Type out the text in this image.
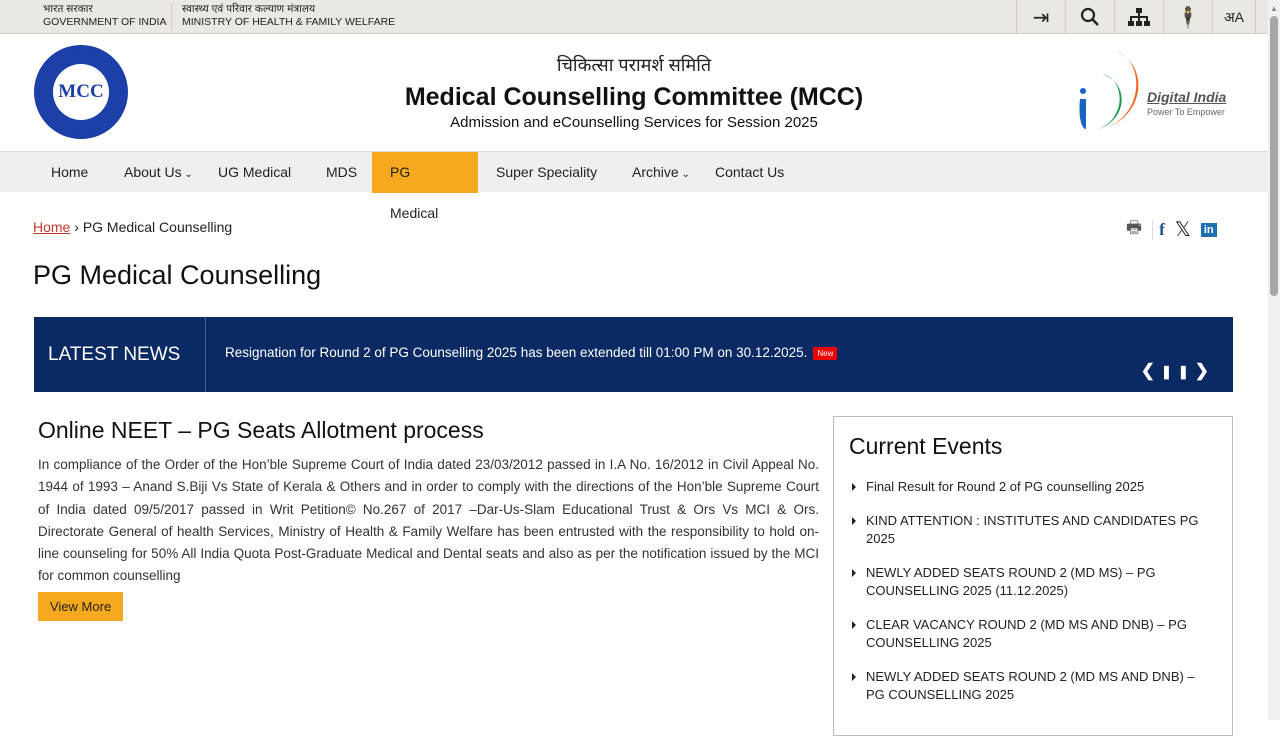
भारत सरकार
GOVERNMENT OF INDIA
स्वास्थ्य एवं परिवार कल्याण मंत्रालय
MINISTRY OF HEALTH & FAMILY WELFARE	⇥	🕴	अA	▲
MCC
चिकित्सा परामर्श समिति
Medical Counselling Committee (MCC)
Admission and eCounselling Services for Session 2025
Digital India
Power To Empower
Home	About Us ⌄	UG Medical	MDS	PG Medical
Super Speciality	Archive ⌄	Contact Us
Home › PG Medical Counselling	🖶	f 𝕏 in
PG Medical Counselling
LATEST NEWS	Resignation for Round 2 of PG Counselling 2025 has been extended till 01:00 PM on 30.12.2025. New
❮❚❚❯
Online NEET – PG Seats Allotment process

In compliance of the Order of the Hon’ble Supreme Court of India dated 23/03/2012 passed in I.A No. 16/2012 in Civil Appeal No. 1944 of 1993 – Anand S.Biji Vs State of Kerala & Others and in order to comply with the directions of the Hon’ble Supreme Court of India dated 09/5/2017 passed in Writ Petition© No.267 of 2017 –Dar-Us-Slam Educational Trust & Ors Vs MCI & Ors. Directorate General of health Services, Ministry of Health & Family Welfare has been entrusted with the responsibility to hold on-line counseling for 50% All India Quota Post-Graduate Medical and Dental seats and also as per the notification issued by the MCI for common counselling

View More
Current Events
Final Result for Round 2 of PG counselling 2025
KIND ATTENTION : INSTITUTES AND CANDIDATES PG 2025
NEWLY ADDED SEATS ROUND 2 (MD MS) – PG COUNSELLING 2025 (11.12.2025)
CLEAR VACANCY ROUND 2 (MD MS AND DNB) – PG COUNSELLING 2025
NEWLY ADDED SEATS ROUND 2 (MD MS AND DNB) – PG COUNSELLING 2025
